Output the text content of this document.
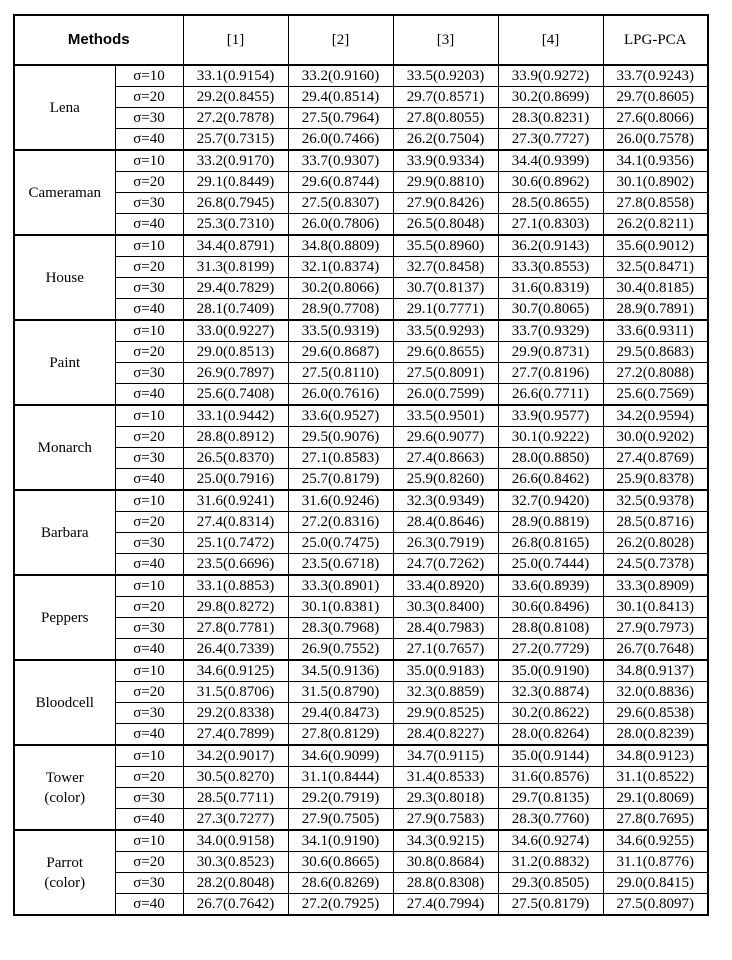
Methods		[1]	[2]	[3]	[4]	LPG-PCA

Lena	σ=10	33.1(0.9154)	33.2(0.9160)	33.5(0.9203)	33.9(0.9272)	33.7(0.9243)
	σ=20	29.2(0.8455)	29.4(0.8514)	29.7(0.8571)	30.2(0.8699)	29.7(0.8605)
	σ=30	27.2(0.7878)	27.5(0.7964)	27.8(0.8055)	28.3(0.8231)	27.6(0.8066)
	σ=40	25.7(0.7315)	26.0(0.7466)	26.2(0.7504)	27.3(0.7727)	26.0(0.7578)

Cameraman	σ=10	33.2(0.9170)	33.7(0.9307)	33.9(0.9334)	34.4(0.9399)	34.1(0.9356)
	σ=20	29.1(0.8449)	29.6(0.8744)	29.9(0.8810)	30.6(0.8962)	30.1(0.8902)
	σ=30	26.8(0.7945)	27.5(0.8307)	27.9(0.8426)	28.5(0.8655)	27.8(0.8558)
	σ=40	25.3(0.7310)	26.0(0.7806)	26.5(0.8048)	27.1(0.8303)	26.2(0.8211)

House	σ=10	34.4(0.8791)	34.8(0.8809)	35.5(0.8960)	36.2(0.9143)	35.6(0.9012)
	σ=20	31.3(0.8199)	32.1(0.8374)	32.7(0.8458)	33.3(0.8553)	32.5(0.8471)
	σ=30	29.4(0.7829)	30.2(0.8066)	30.7(0.8137)	31.6(0.8319)	30.4(0.8185)
	σ=40	28.1(0.7409)	28.9(0.7708)	29.1(0.7771)	30.7(0.8065)	28.9(0.7891)

Paint	σ=10	33.0(0.9227)	33.5(0.9319)	33.5(0.9293)	33.7(0.9329)	33.6(0.9311)
	σ=20	29.0(0.8513)	29.6(0.8687)	29.6(0.8655)	29.9(0.8731)	29.5(0.8683)
	σ=30	26.9(0.7897)	27.5(0.8110)	27.5(0.8091)	27.7(0.8196)	27.2(0.8088)
	σ=40	25.6(0.7408)	26.0(0.7616)	26.0(0.7599)	26.6(0.7711)	25.6(0.7569)

Monarch	σ=10	33.1(0.9442)	33.6(0.9527)	33.5(0.9501)	33.9(0.9577)	34.2(0.9594)
	σ=20	28.8(0.8912)	29.5(0.9076)	29.6(0.9077)	30.1(0.9222)	30.0(0.9202)
	σ=30	26.5(0.8370)	27.1(0.8583)	27.4(0.8663)	28.0(0.8850)	27.4(0.8769)
	σ=40	25.0(0.7916)	25.7(0.8179)	25.9(0.8260)	26.6(0.8462)	25.9(0.8378)

Barbara	σ=10	31.6(0.9241)	31.6(0.9246)	32.3(0.9349)	32.7(0.9420)	32.5(0.9378)
	σ=20	27.4(0.8314)	27.2(0.8316)	28.4(0.8646)	28.9(0.8819)	28.5(0.8716)
	σ=30	25.1(0.7472)	25.0(0.7475)	26.3(0.7919)	26.8(0.8165)	26.2(0.8028)
	σ=40	23.5(0.6696)	23.5(0.6718)	24.7(0.7262)	25.0(0.7444)	24.5(0.7378)

Peppers	σ=10	33.1(0.8853)	33.3(0.8901)	33.4(0.8920)	33.6(0.8939)	33.3(0.8909)
	σ=20	29.8(0.8272)	30.1(0.8381)	30.3(0.8400)	30.6(0.8496)	30.1(0.8413)
	σ=30	27.8(0.7781)	28.3(0.7968)	28.4(0.7983)	28.8(0.8108)	27.9(0.7973)
	σ=40	26.4(0.7339)	26.9(0.7552)	27.1(0.7657)	27.2(0.7729)	26.7(0.7648)

Bloodcell	σ=10	34.6(0.9125)	34.5(0.9136)	35.0(0.9183)	35.0(0.9190)	34.8(0.9137)
	σ=20	31.5(0.8706)	31.5(0.8790)	32.3(0.8859)	32.3(0.8874)	32.0(0.8836)
	σ=30	29.2(0.8338)	29.4(0.8473)	29.9(0.8525)	30.2(0.8622)	29.6(0.8538)
	σ=40	27.4(0.7899)	27.8(0.8129)	28.4(0.8227)	28.0(0.8264)	28.0(0.8239)

Tower
(color)	σ=10	34.2(0.9017)	34.6(0.9099)	34.7(0.9115)	35.0(0.9144)	34.8(0.9123)
	σ=20	30.5(0.8270)	31.1(0.8444)	31.4(0.8533)	31.6(0.8576)	31.1(0.8522)
	σ=30	28.5(0.7711)	29.2(0.7919)	29.3(0.8018)	29.7(0.8135)	29.1(0.8069)
	σ=40	27.3(0.7277)	27.9(0.7505)	27.9(0.7583)	28.3(0.7760)	27.8(0.7695)

Parrot
(color)	σ=10	34.0(0.9158)	34.1(0.9190)	34.3(0.9215)	34.6(0.9274)	34.6(0.9255)
	σ=20	30.3(0.8523)	30.6(0.8665)	30.8(0.8684)	31.2(0.8832)	31.1(0.8776)
	σ=30	28.2(0.8048)	28.6(0.8269)	28.8(0.8308)	29.3(0.8505)	29.0(0.8415)
	σ=40	26.7(0.7642)	27.2(0.7925)	27.4(0.7994)	27.5(0.8179)	27.5(0.8097)
